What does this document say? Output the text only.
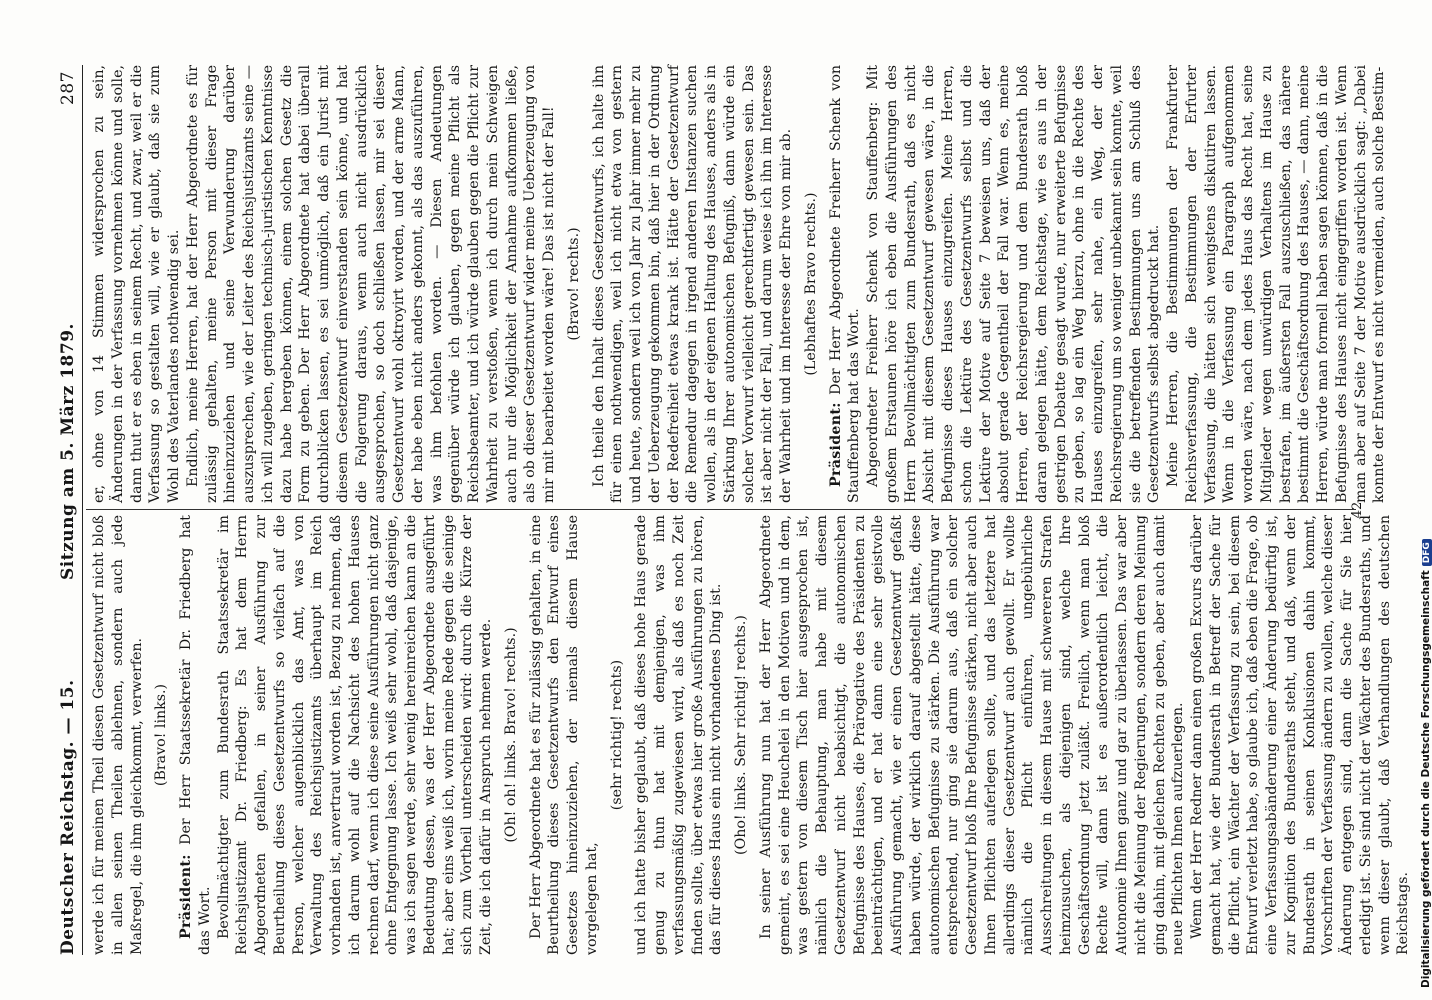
Deutscher Reichstag. — 15.
Sitzung am 5. März 1879.
287

werde ich für meinen Theil diesen Gesetzentwurf nicht bloß in allen seinen Theilen ablehnen, sondern auch jede Maßregel, die ihm gleichkommt, verwerfen. (Bravo! links.)

Präsident: Der Herr Staatssekretär Dr. Friedberg hat das Wort. Bevollmächtigter zum Bundesrath Staatssekretär im Reichsjustizamt Dr. Friedberg: Es hat dem Herrn Abgeordneten gefallen, in seiner Ausführung zur Beurtheilung dieses Gesetzentwurfs so vielfach auf die Person, welcher augenblicklich das Amt, was von Verwaltung des Reichsjustizamts überhaupt im Reich vorhanden ist, anvertraut worden ist, Bezug zu nehmen, daß ich darum wohl auf die Nachsicht des hohen Hauses rechnen darf, wenn ich diese seine Ausführungen nicht ganz ohne Entgegnung lasse. Ich weiß sehr wohl, daß dasjenige, was ich sagen werde, sehr wenig hereinreichen kann an die Bedeutung dessen, was der Herr Abgeordnete ausgeführt hat; aber eins weiß ich, worin meine Rede gegen die seinige sich zum Vortheil unterscheiden wird: durch die Kürze der Zeit, die ich dafür in Anspruch nehmen werde. (Oh! oh! links. Bravo! rechts.) Der Herr Abgeordnete hat es für zulässig gehalten, in eine Beurtheilung dieses Gesetzentwurfs den Entwurf eines Gesetzes hineinzuziehen, der niemals diesem Hause vorgelegen hat,

(sehr richtig! rechts) und ich hatte bisher geglaubt, daß dieses hohe Haus gerade genug zu thun hat mit demjenigen, was ihm verfassungsmäßig zugewiesen wird, als daß es noch Zeit finden sollte, über etwas hier große Ausführungen zu hören, das für dieses Haus ein nicht vorhandenes Ding ist. (Oho! links. Sehr richtig! rechts.) In seiner Ausführung nun hat der Herr Abgeordnete gemeint, es sei eine Heuchelei in den Motiven und in dem, was gestern von diesem Tisch hier ausgesprochen ist, nämlich die Behauptung, man habe mit diesem Gesetzentwurf nicht beabsichtigt, die autonomischen Befugnisse des Hauses, die Prärogative des Präsidenten zu beeinträchtigen, und er hat dann eine sehr geistvolle Ausführung gemacht, wie er einen Gesetzentwurf gefaßt haben würde, der wirklich darauf abgestellt hätte, diese autonomischen Befugnisse zu stärken. Die Ausführung war entsprechend, nur ging sie darum aus, daß ein solcher Gesetzentwurf bloß Ihre Befugnisse stärken, nicht aber auch Ihnen Pflichten auferlegen sollte, und das letztere hat allerdings dieser Gesetzentwurf auch gewollt. Er wollte nämlich die Pflicht einführen, ungebührliche Ausschreitungen in diesem Hause mit schwereren Strafen heimzusuchen, als diejenigen sind, welche Ihre Geschäftsordnung jetzt zuläßt. Freilich, wenn man bloß Rechte will, dann ist es außerordentlich leicht, die Autonomie Ihnen ganz und gar zu überlassen. Das war aber nicht die Meinung der Regierungen, sondern deren Meinung ging dahin, mit gleichen Rechten zu geben, aber auch damit neue Pflichten Ihnen aufzuerlegen. Wenn der Herr Redner dann einen großen Excurs darüber gemacht hat, wie der Bundesrath in Betreff der Sache für die Pflicht, ein Wächter der Verfassung zu sein, bei diesem Entwurf verletzt habe, so glaube ich, daß eben die Frage, ob eine Verfassungsabänderung einer Änderung bedürftig ist, zur Kognition des Bundesraths steht, und daß, wenn der Bundesrath in seinen Konklusionen dahin kommt, Vorschriften der Verfassung ändern zu wollen, welche dieser Änderung entgegen sind, dann die Sache für Sie hier erledigt ist. Sie sind nicht der Wächter des Bundesraths, und wenn dieser glaubt, daß Verhandlungen des deutschen Reichstags.

er, ohne von 14 Stimmen widersprochen zu sein, Änderungen in der Verfassung vornehmen könne und solle, dann thut er es eben in seinem Recht, und zwar, weil er die Verfassung so gestalten will, wie er glaubt, daß sie zum Wohl des Vaterlandes nothwendig sei. Endlich, meine Herren, hat der Herr Abgeordnete es für zulässig gehalten, meine Person mit dieser Frage hineinzuziehen und seine Verwunderung darüber auszusprechen, wie der Leiter des Reichsjustizamts seine — ich will zugeben, geringen technisch-juristischen Kenntnisse dazu habe hergeben können, einem solchen Gesetz die Form zu geben. Der Herr Abgeordnete hat dabei überall durchblicken lassen, es sei unmöglich, daß ein Jurist mit diesem Gesetzentwurf einverstanden sein könne, und hat die Folgerung daraus, wenn auch nicht ausdrücklich ausgesprochen, so doch schließen lassen, mir sei dieser Gesetzentwurf wohl oktroyirt worden, und der arme Mann, der habe eben nicht anders gekonnt, als das auszuführen, was ihm befohlen worden. — Diesen Andeutungen gegenüber würde ich glauben, gegen meine Pflicht als Reichsbeamter, und ich würde glauben gegen die Pflicht zur Wahrheit zu verstoßen, wenn ich durch mein Schweigen auch nur die Möglichkeit der Annahme aufkommen ließe, als ob dieser Gesetzentwurf wider meine Ueberzeugung von mir mit bearbeitet worden wäre! Das ist nicht der Fall! (Bravo! rechts.) Ich theile den Inhalt dieses Gesetzentwurfs, ich halte ihn für einen nothwendigen, weil ich nicht etwa von gestern und heute, sondern weil ich von Jahr zu Jahr immer mehr zu der Ueberzeugung gekommen bin, daß hier in der Ordnung der Redefreiheit etwas krank ist. Hätte der Gesetzentwurf die Remedur dagegen in irgend anderen Instanzen suchen wollen, als in der eigenen Haltung des Hauses, anders als in Stärkung Ihrer autonomischen Befugniß, dann würde ein solcher Vorwurf vielleicht gerechtfertigt gewesen sein. Das ist aber nicht der Fall, und darum weise ich ihn im Interesse der Wahrheit und im Interesse der Ehre von mir ab. (Lebhaftes Bravo rechts.)

Präsident: Der Herr Abgeordnete Freiherr Schenk von Stauffenberg hat das Wort. Abgeordneter Freiherr Schenk von Stauffenberg: Mit großem Erstaunen höre ich eben die Ausführungen des Herrn Bevollmächtigten zum Bundesrath, daß es nicht Absicht mit diesem Gesetzentwurf gewesen wäre, in die Befugnisse dieses Hauses einzugreifen. Meine Herren, schon die Lektüre des Gesetzentwurfs selbst und die Lektüre der Motive auf Seite 7 beweisen uns, daß der absolut gerade Gegentheil der Fall war. Wenn es, meine Herren, der Reichsregierung und dem Bundesrath bloß daran gelegen hätte, dem Reichstage, wie es aus in der gestrigen Debatte gesagt wurde, nur erweiterte Befugnisse zu geben, so lag ein Weg hierzu, ohne in die Rechte des Hauses einzugreifen, sehr nahe, ein Weg, der der Reichsregierung um so weniger unbekannt sein konnte, weil sie die betreffenden Bestimmungen uns am Schluß des Gesetzentwurfs selbst abgedruckt hat. Meine Herren, die Bestimmungen der Frankfurter Reichsverfassung, die Bestimmungen der Erfurter Verfassung, die hätten sich wenigstens diskutiren lassen. Wenn in die Verfassung ein Paragraph aufgenommen worden wäre, nach dem jedes Haus das Recht hat, seine Mitglieder wegen unwürdigen Verhaltens im Hause zu bestrafen, im äußersten Fall auszuschließen, das nähere bestimmt die Geschäftsordnung des Hauses, — dann, meine Herren, würde man formell haben sagen können, daß in die Befugnisse des Hauses nicht eingegriffen worden ist. Wenn man aber auf Seite 7 der Motive ausdrücklich sagt: „Dabei konnte der Entwurf es nicht vermeiden, auch solche Bestim-

42
Digitalisierung gefördert durch die Deutsche ForschungsgemeinschaftDFG
